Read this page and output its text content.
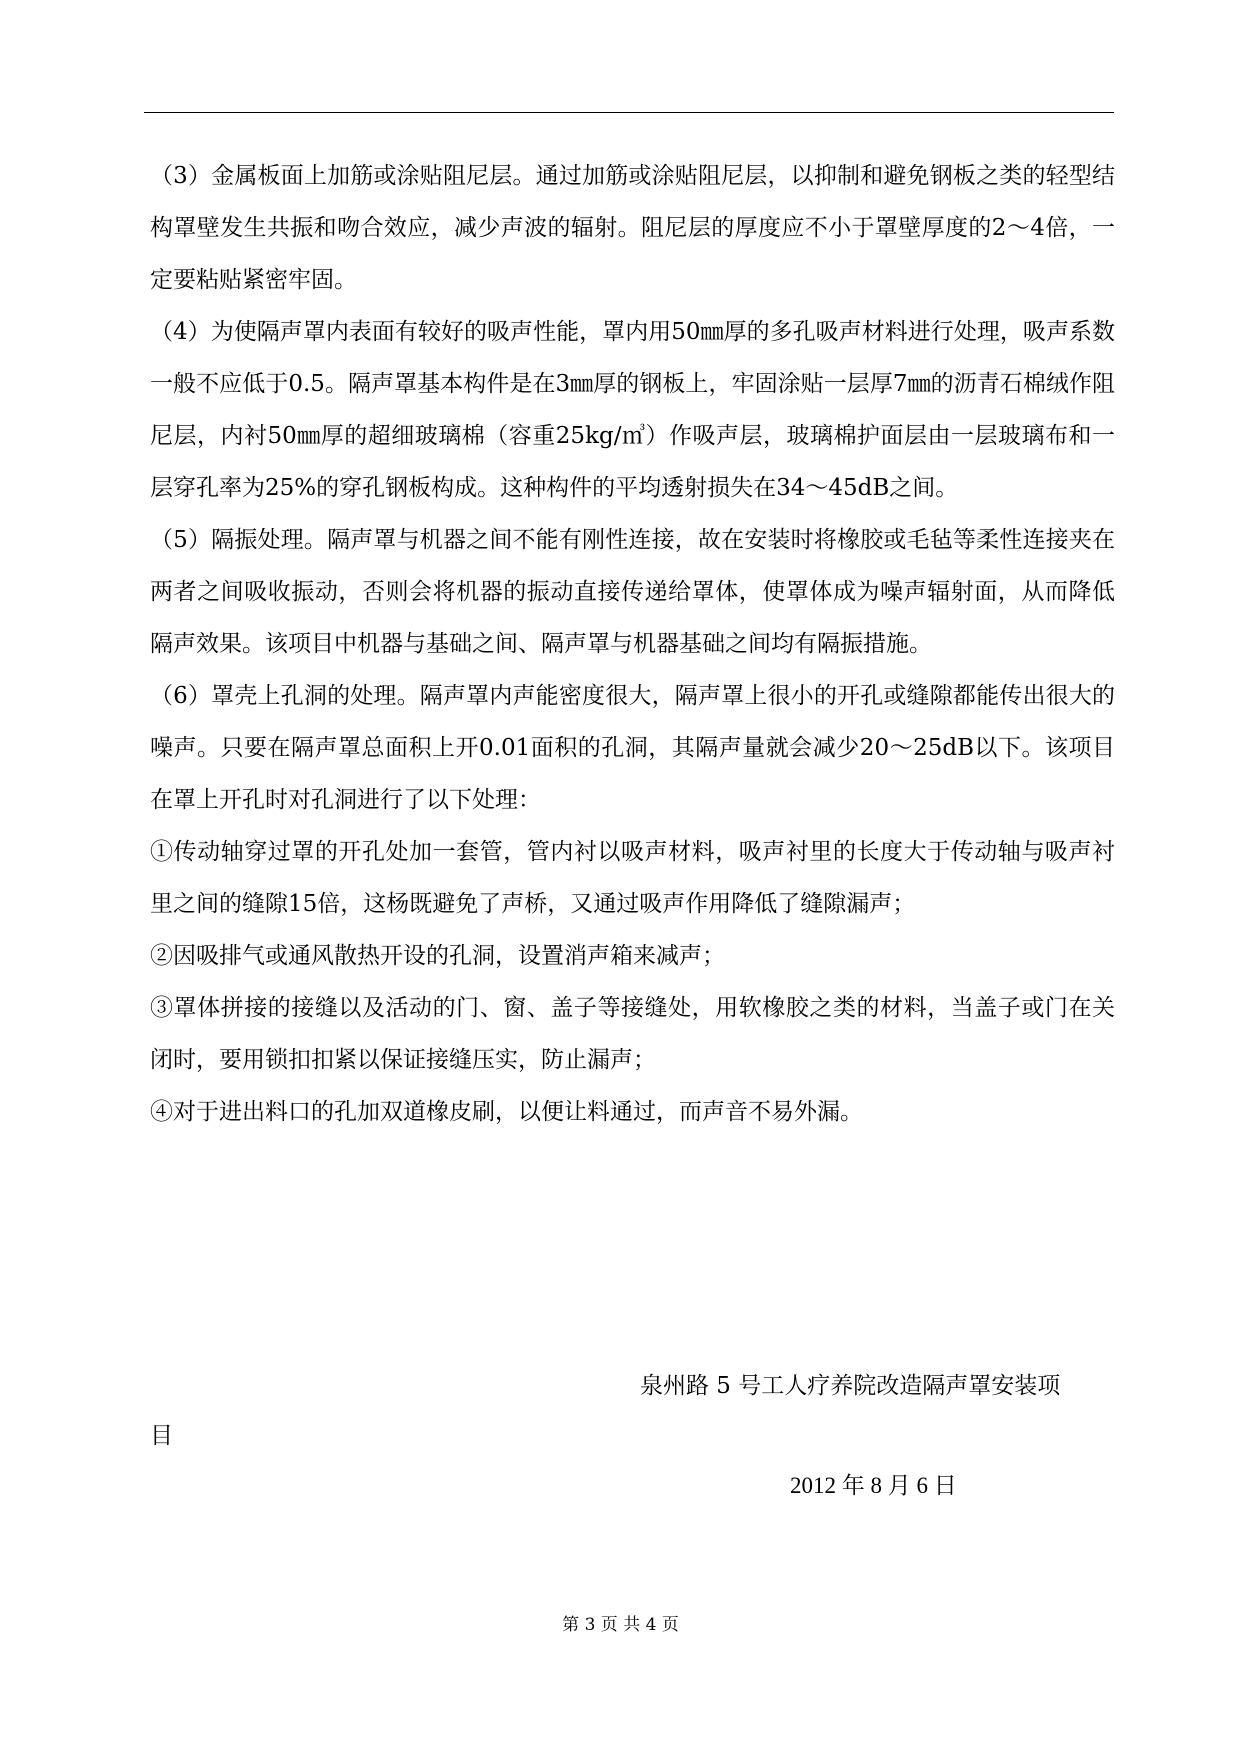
（3）金属板面上加筋或涂贴阻尼层。通过加筋或涂贴阻尼层，以抑制和避免钢板之类的轻型结构罩壁发生共振和吻合效应，减少声波的辐射。阻尼层的厚度应不小于罩壁厚度的2～4倍，一定要粘贴紧密牢固。

（4）为使隔声罩内表面有较好的吸声性能，罩内用50㎜厚的多孔吸声材料进行处理，吸声系数一般不应低于0.5。隔声罩基本构件是在3㎜厚的钢板上，牢固涂贴一层厚7㎜的沥青石棉绒作阻尼层，内衬50㎜厚的超细玻璃棉（容重25kg/㎥）作吸声层，玻璃棉护面层由一层玻璃布和一层穿孔率为25%的穿孔钢板构成。这种构件的平均透射损失在34～45dB之间。

（5）隔振处理。隔声罩与机器之间不能有刚性连接，故在安装时将橡胶或毛毡等柔性连接夹在两者之间吸收振动，否则会将机器的振动直接传递给罩体，使罩体成为噪声辐射面，从而降低隔声效果。该项目中机器与基础之间、隔声罩与机器基础之间均有隔振措施。

（6）罩壳上孔洞的处理。隔声罩内声能密度很大，隔声罩上很小的开孔或缝隙都能传出很大的噪声。只要在隔声罩总面积上开0.01面积的孔洞，其隔声量就会减少20～25dB以下。该项目在罩上开孔时对孔洞进行了以下处理：

①传动轴穿过罩的开孔处加一套管，管内衬以吸声材料，吸声衬里的长度大于传动轴与吸声衬里之间的缝隙15倍，这杨既避免了声桥，又通过吸声作用降低了缝隙漏声；

②因吸排气或通风散热开设的孔洞，设置消声箱来减声；

③罩体拼接的接缝以及活动的门、窗、盖子等接缝处，用软橡胶之类的材料，当盖子或门在关闭时，要用锁扣扣紧以保证接缝压实，防止漏声；

④对于进出料口的孔加双道橡皮刷，以便让料通过，而声音不易外漏。

泉州路 5 号工人疗养院改造隔声罩安装项
目
2012 年 8 月 6 日
第 3 页 共 4 页
